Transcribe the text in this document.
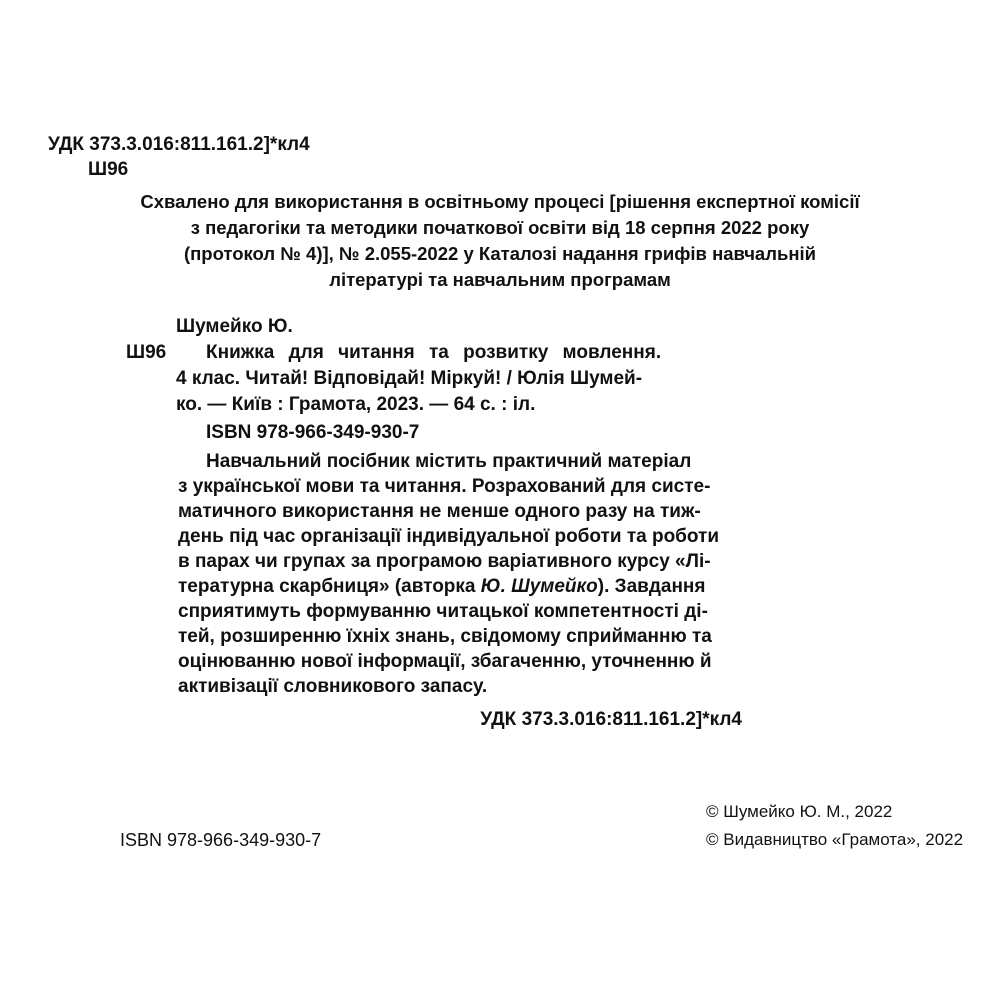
УДК 373.3.016:811.161.2]*кл4
Ш96
Схвалено для використання в освітньому процесі [рішення експертної комісії
з педагогіки та методики початкової освіти від 18 серпня 2022 року
(протокол № 4)], № 2.055-2022 у Каталозі надання грифів навчальній
літературі та навчальним програмам
Шумейко Ю.
Ш96 Книжка для читання та розвитку мовлення.
4 клас. Читай! Відповідай! Міркуй! / Юлія Шумей-
ко. — Київ : Грамота, 2023. — 64 с. : іл.
ISBN 978-966-349-930-7
Навчальний посібник містить практичний матеріал
з української мови та читання. Розрахований для систе-
матичного використання не менше одного разу на тиж-
день під час організації індивідуальної роботи та роботи
в парах чи групах за програмою варіативного курсу «Лі-
тературна скарбниця» (авторка Ю. Шумейко). Завдання
сприятимуть формуванню читацької компетентності ді-
тей, розширенню їхніх знань, свідомому сприйманню та
оцінюванню нової інформації, збагаченню, уточненню й
активізації словникового запасу.
УДК 373.3.016:811.161.2]*кл4
ISBN 978-966-349-930-7
© Шумейко Ю. М., 2022
© Видавництво «Грамота», 2022
